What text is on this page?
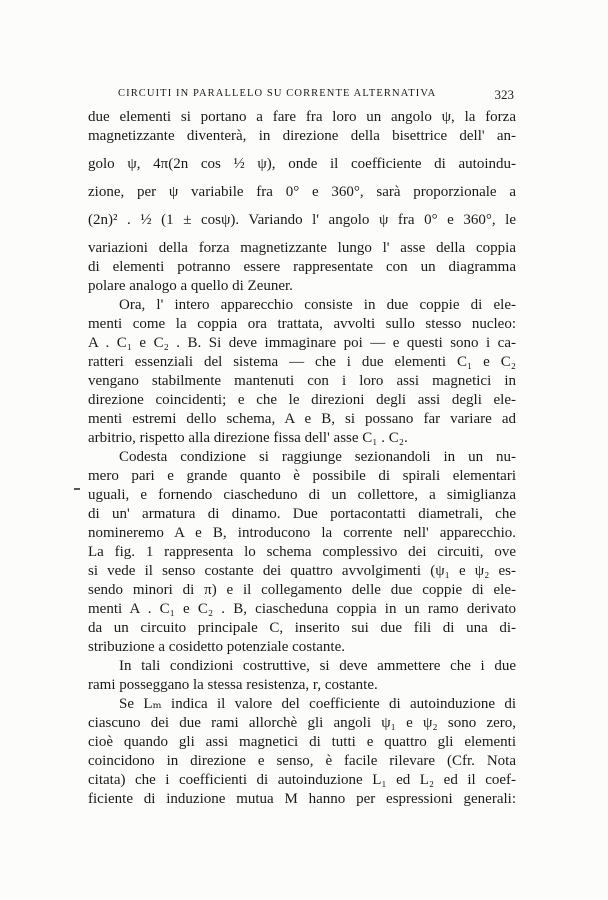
CIRCUITI IN PARALLELO SU CORRENTE ALTERNATIVA	323
due elementi si portano a fare fra loro un angolo ψ, la forza
magnetizzante diventerà, in direzione della bisettrice dell' an-
golo ψ, 4π(2n cos ½ ψ), onde il coefficiente di autoindu-
zione, per ψ variabile fra 0° e 360°, sarà proporzionale a
(2n)² . ½ (1 ± cosψ). Variando l' angolo ψ fra 0° e 360°, le
variazioni della forza magnetizzante lungo l' asse della coppia
di elementi potranno essere rappresentate con un diagramma
polare analogo a quello di Zeuner.
Ora, l' intero apparecchio consiste in due coppie di ele-
menti come la coppia ora trattata, avvolti sullo stesso nucleo:
A . C₁ e C₂ . B. Si deve immaginare poi — e questi sono i ca-
ratteri essenziali del sistema — che i due elementi C₁ e C₂
vengano stabilmente mantenuti con i loro assi magnetici in
direzione coincidenti; e che le direzioni degli assi degli ele-
menti estremi dello schema, A e B, si possano far variare ad
arbitrio, rispetto alla direzione fissa dell' asse C₁ . C₂.
Codesta condizione si raggiunge sezionandoli in un nu-
mero pari e grande quanto è possibile di spirali elementari
uguali, e fornendo ciascheduno di un collettore, a simiglianza
di un' armatura di dinamo. Due portacontatti diametrali, che
nomineremo A e B, introducono la corrente nell' apparecchio.
La fig. 1 rappresenta lo schema complessivo dei circuiti, ove
si vede il senso costante dei quattro avvolgimenti (ψ₁ e ψ₂ es-
sendo minori di π) e il collegamento delle due coppie di ele-
menti A . C₁ e C₂ . B, ciascheduna coppia in un ramo derivato
da un circuito principale C, inserito sui due fili di una di-
stribuzione a cosidetto potenziale costante.
In tali condizioni costruttive, si deve ammettere che i due
rami posseggano la stessa resistenza, r, costante.
Se Lₘ indica il valore del coefficiente di autoinduzione di
ciascuno dei due rami allorchè gli angoli ψ₁ e ψ₂ sono zero,
cioè quando gli assi magnetici di tutti e quattro gli elementi
coincidono in direzione e senso, è facile rilevare (Cfr. Nota
citata) che i coefficienti di autoinduzione L₁ ed L₂ ed il coef-
ficiente di induzione mutua M hanno per espressioni generali:
